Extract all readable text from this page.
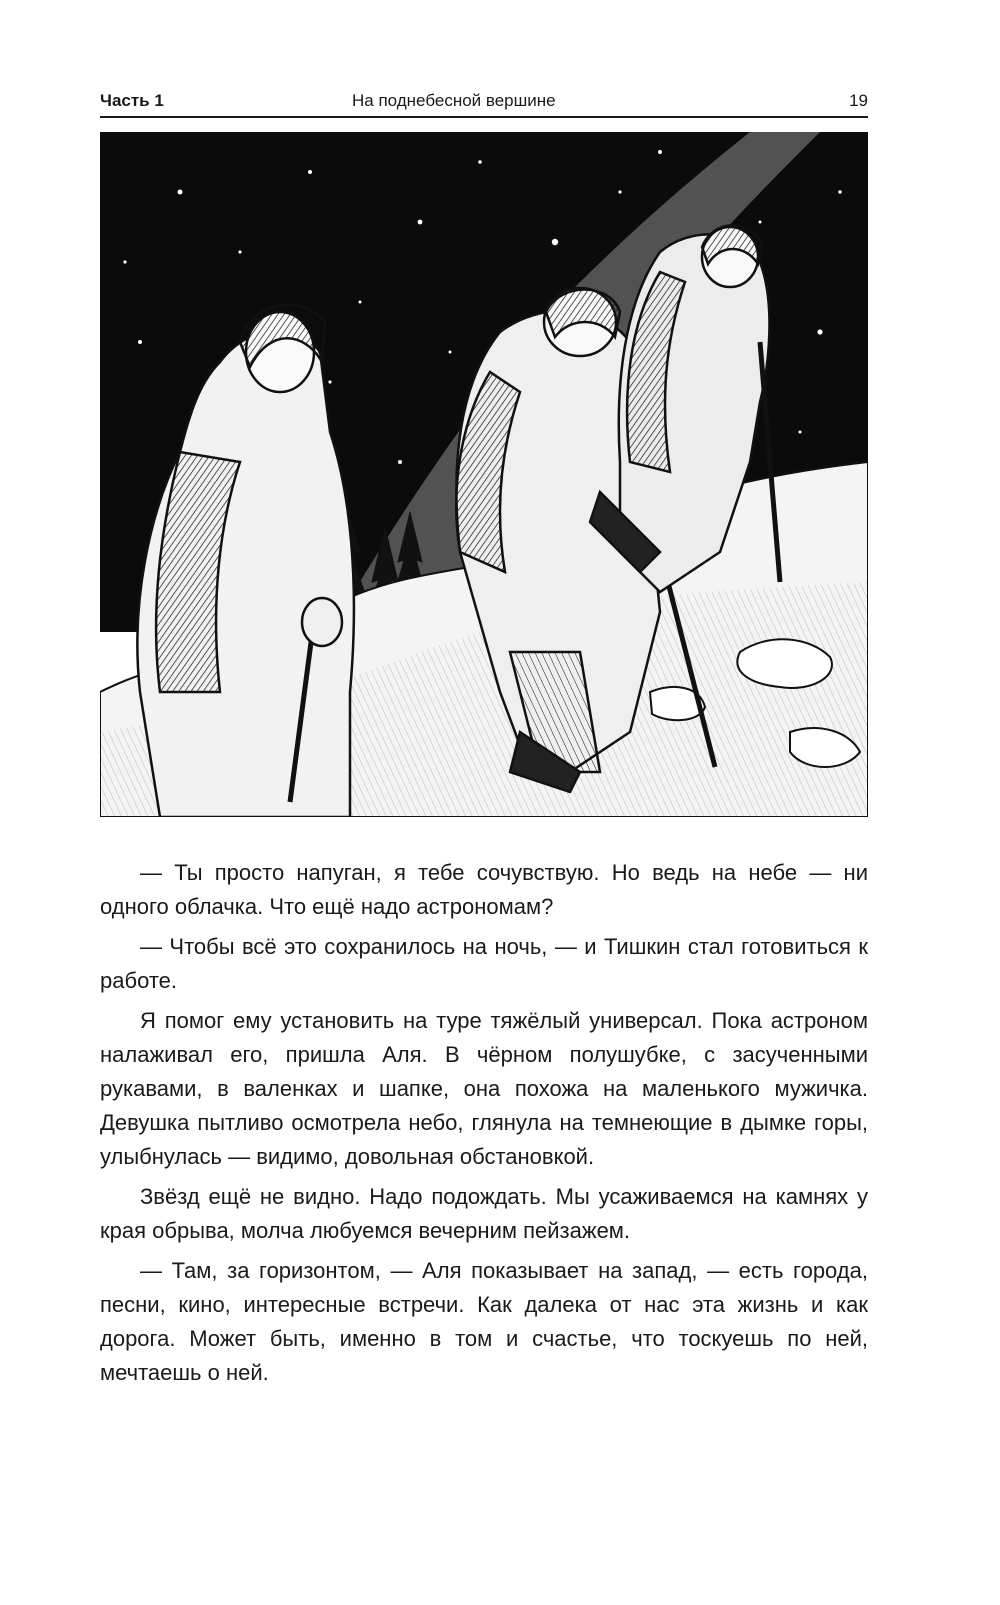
Часть 1	На поднебесной вершине	19

— Ты просто напуган, я тебе сочувствую. Но ведь на небе — ни одного облачка. Что ещё надо астрономам?

— Чтобы всё это сохранилось на ночь, — и Тишкин стал готовиться к работе.

Я помог ему установить на туре тяжёлый универсал. Пока астроном налаживал его, пришла Аля. В чёрном полушубке, с засученными рукавами, в валенках и шапке, она похожа на маленького мужичка. Девушка пытливо осмотрела небо, глянула на темнеющие в дымке горы, улыбнулась — видимо, довольная обстановкой.

Звёзд ещё не видно. Надо подождать. Мы усаживаемся на камнях у края обрыва, молча любуемся вечерним пейзажем.

— Там, за горизонтом, — Аля показывает на запад, — есть города, песни, кино, интересные встречи. Как далека от нас эта жизнь и как дорога. Может быть, именно в том и счастье, что тоскуешь по ней, мечтаешь о ней.
